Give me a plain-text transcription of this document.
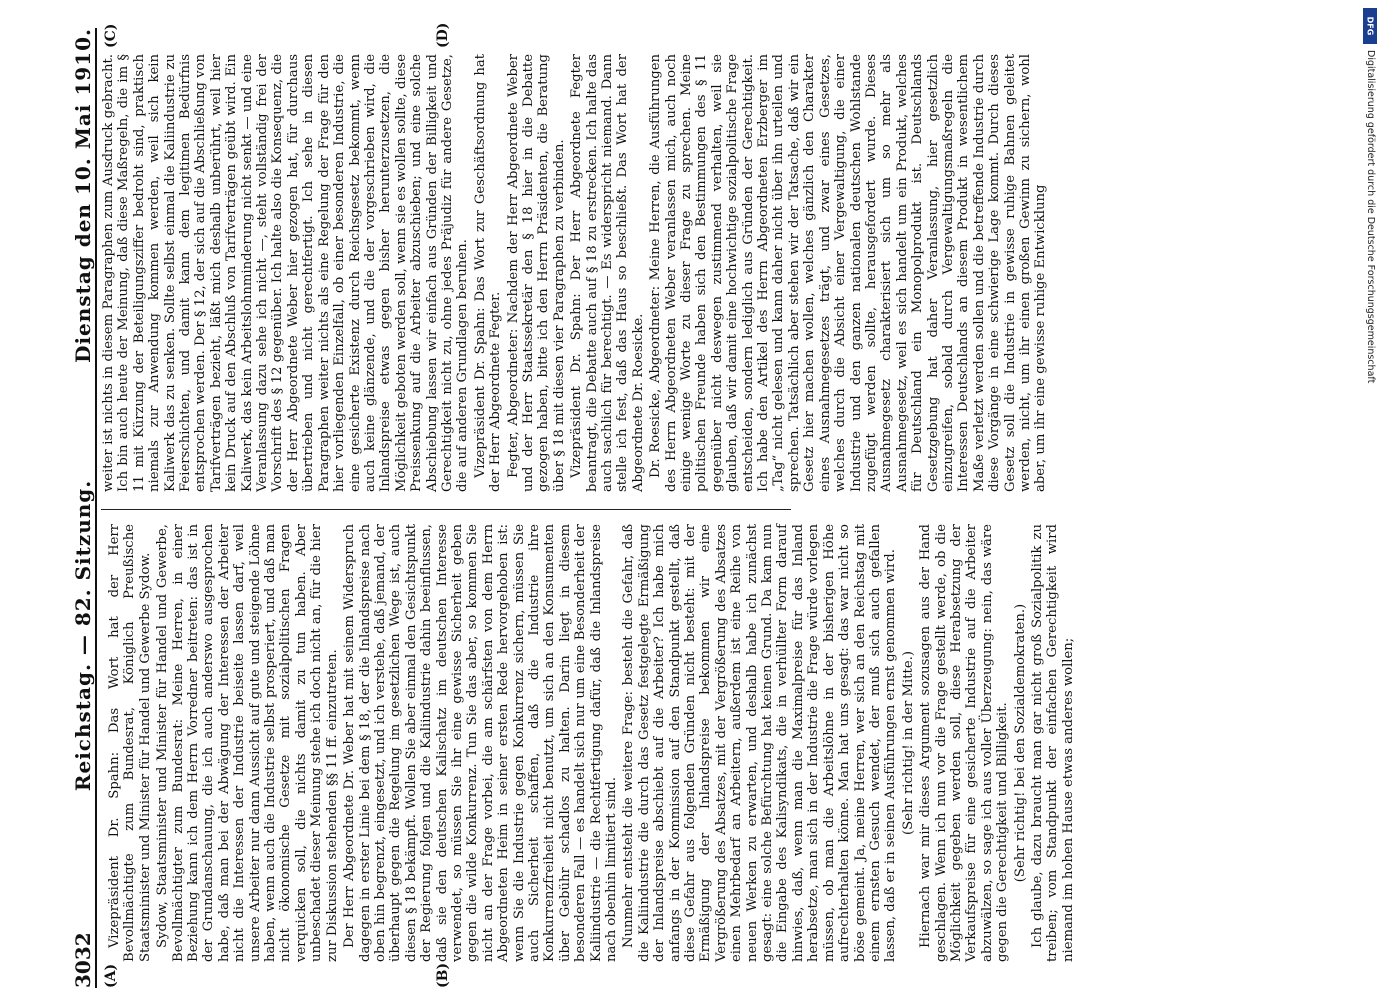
3032
Reichstag. — 82. Sitzung.
Dienstag den 10. Mai 1910.
(A)	(B)
(C)	(D)

Vizepräsident Dr. Spahn: Das Wort hat der Herr Bevollmächtigte zum Bundesrat, Königlich Preußische Staatsminister und Minister für Handel und Gewerbe Sydow. Sydow, Staatsminister und Minister für Handel und Gewerbe, Bevollmächtigter zum Bundesrat: Meine Herren, in einer Beziehung kann ich dem Herrn Vorredner beitreten: das ist in der Grundanschauung, die ich auch anderswo ausgesprochen habe, daß man bei der Abwägung der Interessen der Arbeiter nicht die Interessen der Industrie beiseite lassen darf, weil unsere Arbeiter nur dann Aussicht auf gute und steigende Löhne haben, wenn auch die Industrie selbst prosperiert, und daß man nicht ökonomische Gesetze mit sozialpolitischen Fragen verquicken soll, die nichts damit zu tun haben. Aber unbeschadet dieser Meinung stehe ich doch nicht an, für die hier zur Diskussion stehenden §§ 11 ff. einzutreten. Der Herr Abgeordnete Dr. Weber hat mit seinem Widerspruch dagegen in erster Linie bei dem § 18, der die Inlandspreise nach oben hin begrenzt, eingesetzt, und ich verstehe, daß jemand, der überhaupt gegen die Regelung im gesetzlichen Wege ist, auch diesen § 18 bekämpft. Wollen Sie aber einmal den Gesichtspunkt der Regierung folgen und die Kaliindustrie dahin beeinflussen, daß sie den deutschen Kalischatz im deutschen Interesse verwendet, so müssen Sie ihr eine gewisse Sicherheit geben gegen die wilde Konkurrenz. Tun Sie das aber, so kommen Sie nicht an der Frage vorbei, die am schärfsten von dem Herrn Abgeordneten Heim in seiner ersten Rede hervorgehoben ist: wenn Sie die Industrie gegen Konkurrenz sichern, müssen Sie auch Sicherheit schaffen, daß die Industrie ihre Konkurrenzfreiheit nicht benutzt, um sich an den Konsumenten über Gebühr schadlos zu halten. Darin liegt in diesem besonderen Fall — es handelt sich nur um eine Besonderheit der Kaliindustrie — die Rechtfertigung dafür, daß die Inlandspreise nach obenhin limitiert sind. Nunmehr entsteht die weitere Frage: besteht die Gefahr, daß die Kaliindustrie die durch das Gesetz festgelegte Ermäßigung der Inlandspreise abschiebt auf die Arbeiter? Ich habe mich anfangs in der Kommission auf den Standpunkt gestellt, daß diese Gefahr aus folgenden Gründen nicht besteht: mit der Ermäßigung der Inlandspreise bekommen wir eine Vergrößerung des Absatzes, mit der Vergrößerung des Absatzes einen Mehrbedarf an Arbeitern, außerdem ist eine Reihe von neuen Werken zu erwarten, und deshalb habe ich zunächst gesagt: eine solche Befürchtung hat keinen Grund. Da kam nun die Eingabe des Kalisyndikats, die in verhüllter Form darauf hinwies, daß, wenn man die Maximalpreise für das Inland herabsetze, man sich in der Industrie die Frage würde vorlegen müssen, ob man die Arbeitslöhne in der bisherigen Höhe aufrechterhalten könne. Man hat uns gesagt: das war nicht so böse gemeint. Ja, meine Herren, wer sich an den Reichstag mit einem ernsten Gesuch wendet, der muß sich auch gefallen lassen, daß er in seinen Ausführungen ernst genommen wird. (Sehr richtig! in der Mitte.) Hiernach war mir dieses Argument sozusagen aus der Hand geschlagen. Wenn ich nun vor die Frage gestellt werde, ob die Möglichkeit gegeben werden soll, diese Herabsetzung der Verkaufspreise für eine gesicherte Industrie auf die Arbeiter abzuwälzen, so sage ich aus voller Überzeugung: nein, das wäre gegen die Gerechtigkeit und Billigkeit. (Sehr richtig! bei den Sozialdemokraten.) Ich glaube, dazu braucht man gar nicht groß Sozialpolitik zu treiben; vom Standpunkt der einfachen Gerechtigkeit wird niemand im hohen Hause etwas anderes wollen;

weiter ist nichts in diesem Paragraphen zum Ausdruck gebracht. Ich bin auch heute der Meinung, daß diese Maßregeln, die im § 11 mit Kürzung der Beteiligungsziffer bedroht sind, praktisch niemals zur Anwendung kommen werden, weil sich kein Kaliwerk das zu senken. Sollte selbst einmal die Kaliindustrie zu Feierschichten, und damit kann dem legitimen Bedürfnis entsprochen werden. Der § 12, der sich auf die Abschließung von Tarifverträgen bezieht, läßt mich deshalb unberührt, weil hier kein Druck auf den Abschluß von Tarifverträgen geübt wird. Ein Kaliwerk, das kein Arbeitslohnminderung nicht senkt — und eine Veranlassung dazu sehe ich nicht —, steht vollständig frei der Vorschrift des § 12 gegenüber. Ich halte also die Konsequenz, die der Herr Abgeordnete Weber hier gezogen hat, für durchaus übertrieben und nicht gerechtfertigt. Ich sehe in diesen Paragraphen weiter nichts als eine Regelung der Frage für den hier vorliegenden Einzelfall, ob einer besonderen Industrie, die eine gesicherte Existenz durch Reichsgesetz bekommt, wenn auch keine glänzende, und die der vorgeschrieben wird, die Inlandspreise etwas gegen bisher herunterzusetzen, die Möglichkeit geboten werden soll, wenn sie es wollen sollte, diese Preissenkung auf die Arbeiter abzuschieben; und eine solche Abschiebung lassen wir einfach aus Gründen der Billigkeit und Gerechtigkeit nicht zu, ohne jedes Präjudiz für andere Gesetze, die auf anderen Grundlagen beruhen. Vizepräsident Dr. Spahn: Das Wort zur Geschäftsordnung hat der Herr Abgeordnete Fegter. Fegter, Abgeordneter: Nachdem der Herr Abgeordnete Weber und der Herr Staatssekretär den § 18 hier in die Debatte gezogen haben, bitte ich den Herrn Präsidenten, die Beratung über § 18 mit diesen vier Paragraphen zu verbinden. Vizepräsident Dr. Spahn: Der Herr Abgeordnete Fegter beantragt, die Debatte auch auf § 18 zu erstrecken. Ich halte das auch sachlich für berechtigt. — Es widerspricht niemand. Dann stelle ich fest, daß das Haus so beschließt. Das Wort hat der Abgeordnete Dr. Roesicke. Dr. Roesicke, Abgeordneter: Meine Herren, die Ausführungen des Herrn Abgeordneten Weber veranlassen mich, auch noch einige wenige Worte zu dieser Frage zu sprechen. Meine politischen Freunde haben sich den Bestimmungen des § 11 gegenüber nicht deswegen zustimmend verhalten, weil sie glauben, daß wir damit eine hochwichtige sozialpolitische Frage entscheiden, sondern lediglich aus Gründen der Gerechtigkeit. Ich habe den Artikel des Herrn Abgeordneten Erzberger im „Tag“ nicht gelesen und kann daher nicht über ihn urteilen und sprechen. Tatsächlich aber stehen wir der Tatsache, daß wir ein Gesetz hier machen wollen, welches gänzlich den Charakter eines Ausnahmegesetzes trägt, und zwar eines Gesetzes, welches durch die Absicht einer Vergewaltigung, die einer Industrie und den ganzen nationalen deutschen Wohlstande zugefügt werden sollte, herausgefordert wurde. Dieses Ausnahmegesetz charakterisiert sich um so mehr als Ausnahmegesetz, weil es sich handelt um ein Produkt, welches für Deutschland ein Monopolprodukt ist. Deutschlands Gesetzgebung hat daher Veranlassung, hier gesetzlich einzugreifen, sobald durch Vergewaltigungsmaßregeln die Interessen Deutschlands an diesem Produkt in wesentlichem Maße verletzt werden sollen und die betreffende Industrie durch diese Vorgänge in eine schwierige Lage kommt. Durch dieses Gesetz soll die Industrie in gewisse ruhige Bahnen geleitet werden, nicht, um ihr einen großen Gewinn zu sichern, wohl aber, um ihr eine gewisse ruhige Entwicklung

DFG
Digitalisierung gefördert durch die Deutsche Forschungsgemeinschaft
